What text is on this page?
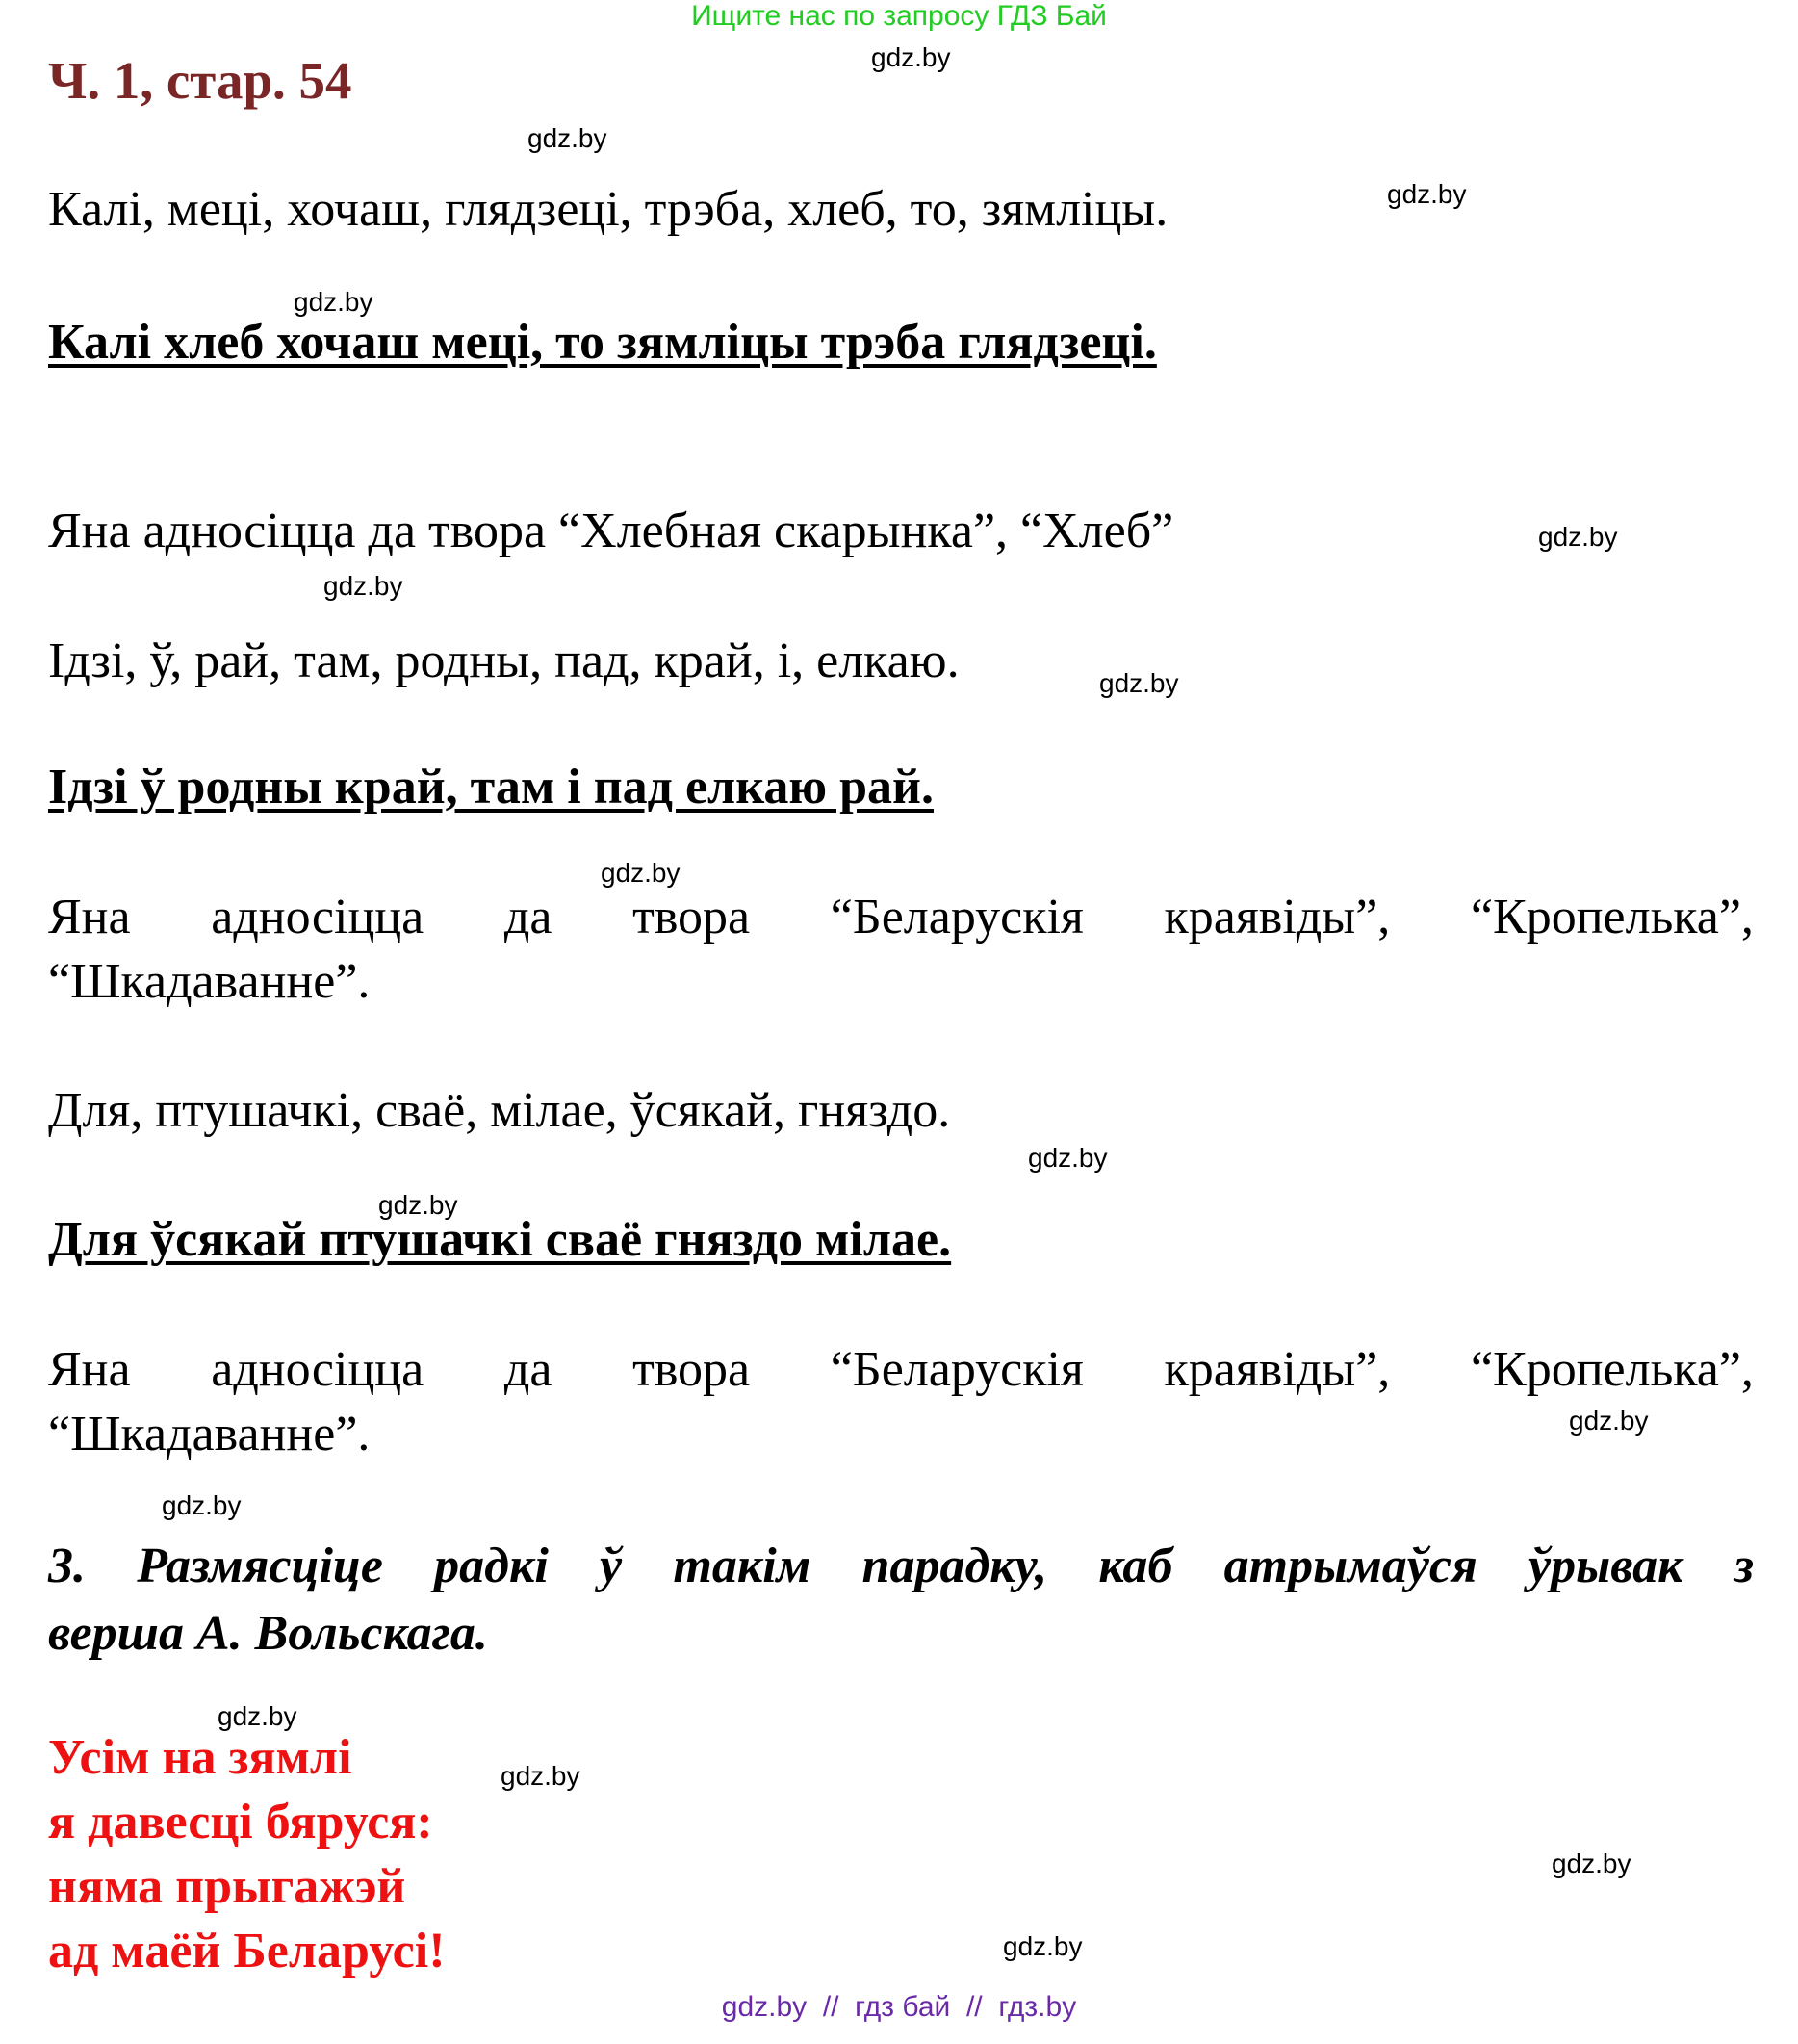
Ищите нас по запросу ГДЗ Бай
Ч. 1, стар. 54	gdz.by
gdz.by
gdz.by
gdz.by
gdz.by
gdz.by
gdz.by
gdz.by
gdz.by
gdz.by
gdz.by
gdz.by
gdz.by
gdz.by
gdz.by
gdz.by
Калі, меці, хочаш, глядзеці, трэба, хлеб, то, зямліцы.
Калі хлеб хочаш меці, то зямліцы трэба глядзеці.
Яна адносіцца да твора “Хлебная скарынка”, “Хлеб”
Ідзі, ў, рай, там, родны, пад, край, і, елкаю.
Ідзі ў родны край, там і пад елкаю рай.
Яна адносіцца да твора “Беларускія краявіды”, “Кропелька”,
“Шкадаванне”.
Для, птушачкі, сваё, мілае, ўсякай, гняздо.
Для ўсякай птушачкі сваё гняздо мілае.
Яна адносіцца да твора “Беларускія краявіды”, “Кропелька”,
“Шкадаванне”.
3. Размясціце радкі ў такім парадку, каб атрымаўся ўрывак з
верша А. Вольскага.
Усім на зямлі
я давесці бяруся:
няма прыгажэй
ад маёй Беларусі!
gdz.by  //  гдз бай  //  гдз.by
